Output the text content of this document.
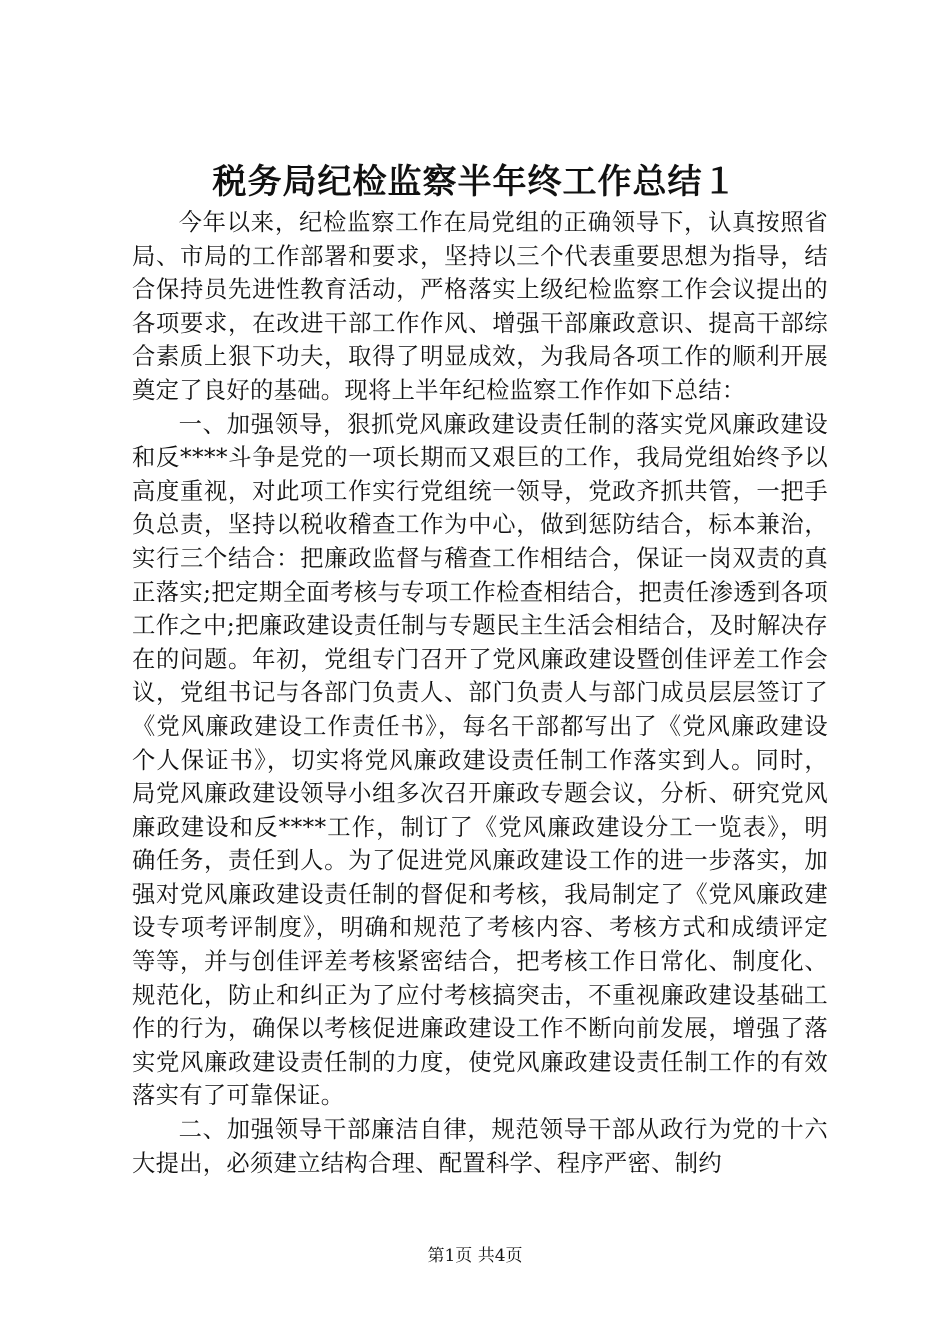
税务局纪检监察半年终工作总结１

今年以来，纪检监察工作在局党组的正确领导下，认真按照省局、市局的工作部署和要求，坚持以三个代表重要思想为指导，结合保持员先进性教育活动，严格落实上级纪检监察工作会议提出的各项要求，在改进干部工作作风、增强干部廉政意识、提高干部综合素质上狠下功夫，取得了明显成效，为我局各项工作的顺利开展奠定了良好的基础。现将上半年纪检监察工作作如下总结：

一、加强领导，狠抓党风廉政建设责任制的落实党风廉政建设和反****斗争是党的一项长期而又艰巨的工作，我局党组始终予以高度重视，对此项工作实行党组统一领导，党政齐抓共管，一把手负总责，坚持以税收稽查工作为中心，做到惩防结合，标本兼治，实行三个结合：把廉政监督与稽查工作相结合，保证一岗双责的真正落实;把定期全面考核与专项工作检查相结合，把责任渗透到各项工作之中;把廉政建设责任制与专题民主生活会相结合，及时解决存在的问题。年初，党组专门召开了党风廉政建设暨创佳评差工作会议，党组书记与各部门负责人、部门负责人与部门成员层层签订了《党风廉政建设工作责任书》，每名干部都写出了《党风廉政建设个人保证书》，切实将党风廉政建设责任制工作落实到人。同时，局党风廉政建设领导小组多次召开廉政专题会议，分析、研究党风廉政建设和反****工作，制订了《党风廉政建设分工一览表》，明确任务，责任到人。为了促进党风廉政建设工作的进一步落实，加强对党风廉政建设责任制的督促和考核，我局制定了《党风廉政建设专项考评制度》，明确和规范了考核内容、考核方式和成绩评定等等，并与创佳评差考核紧密结合，把考核工作日常化、制度化、规范化，防止和纠正为了应付考核搞突击，不重视廉政建设基础工作的行为，确保以考核促进廉政建设工作不断向前发展，增强了落实党风廉政建设责任制的力度，使党风廉政建设责任制工作的有效落实有了可靠保证。

二、加强领导干部廉洁自律，规范领导干部从政行为党的十六大提出，必须建立结构合理、配置科学、程序严密、制约

第1页 共4页
